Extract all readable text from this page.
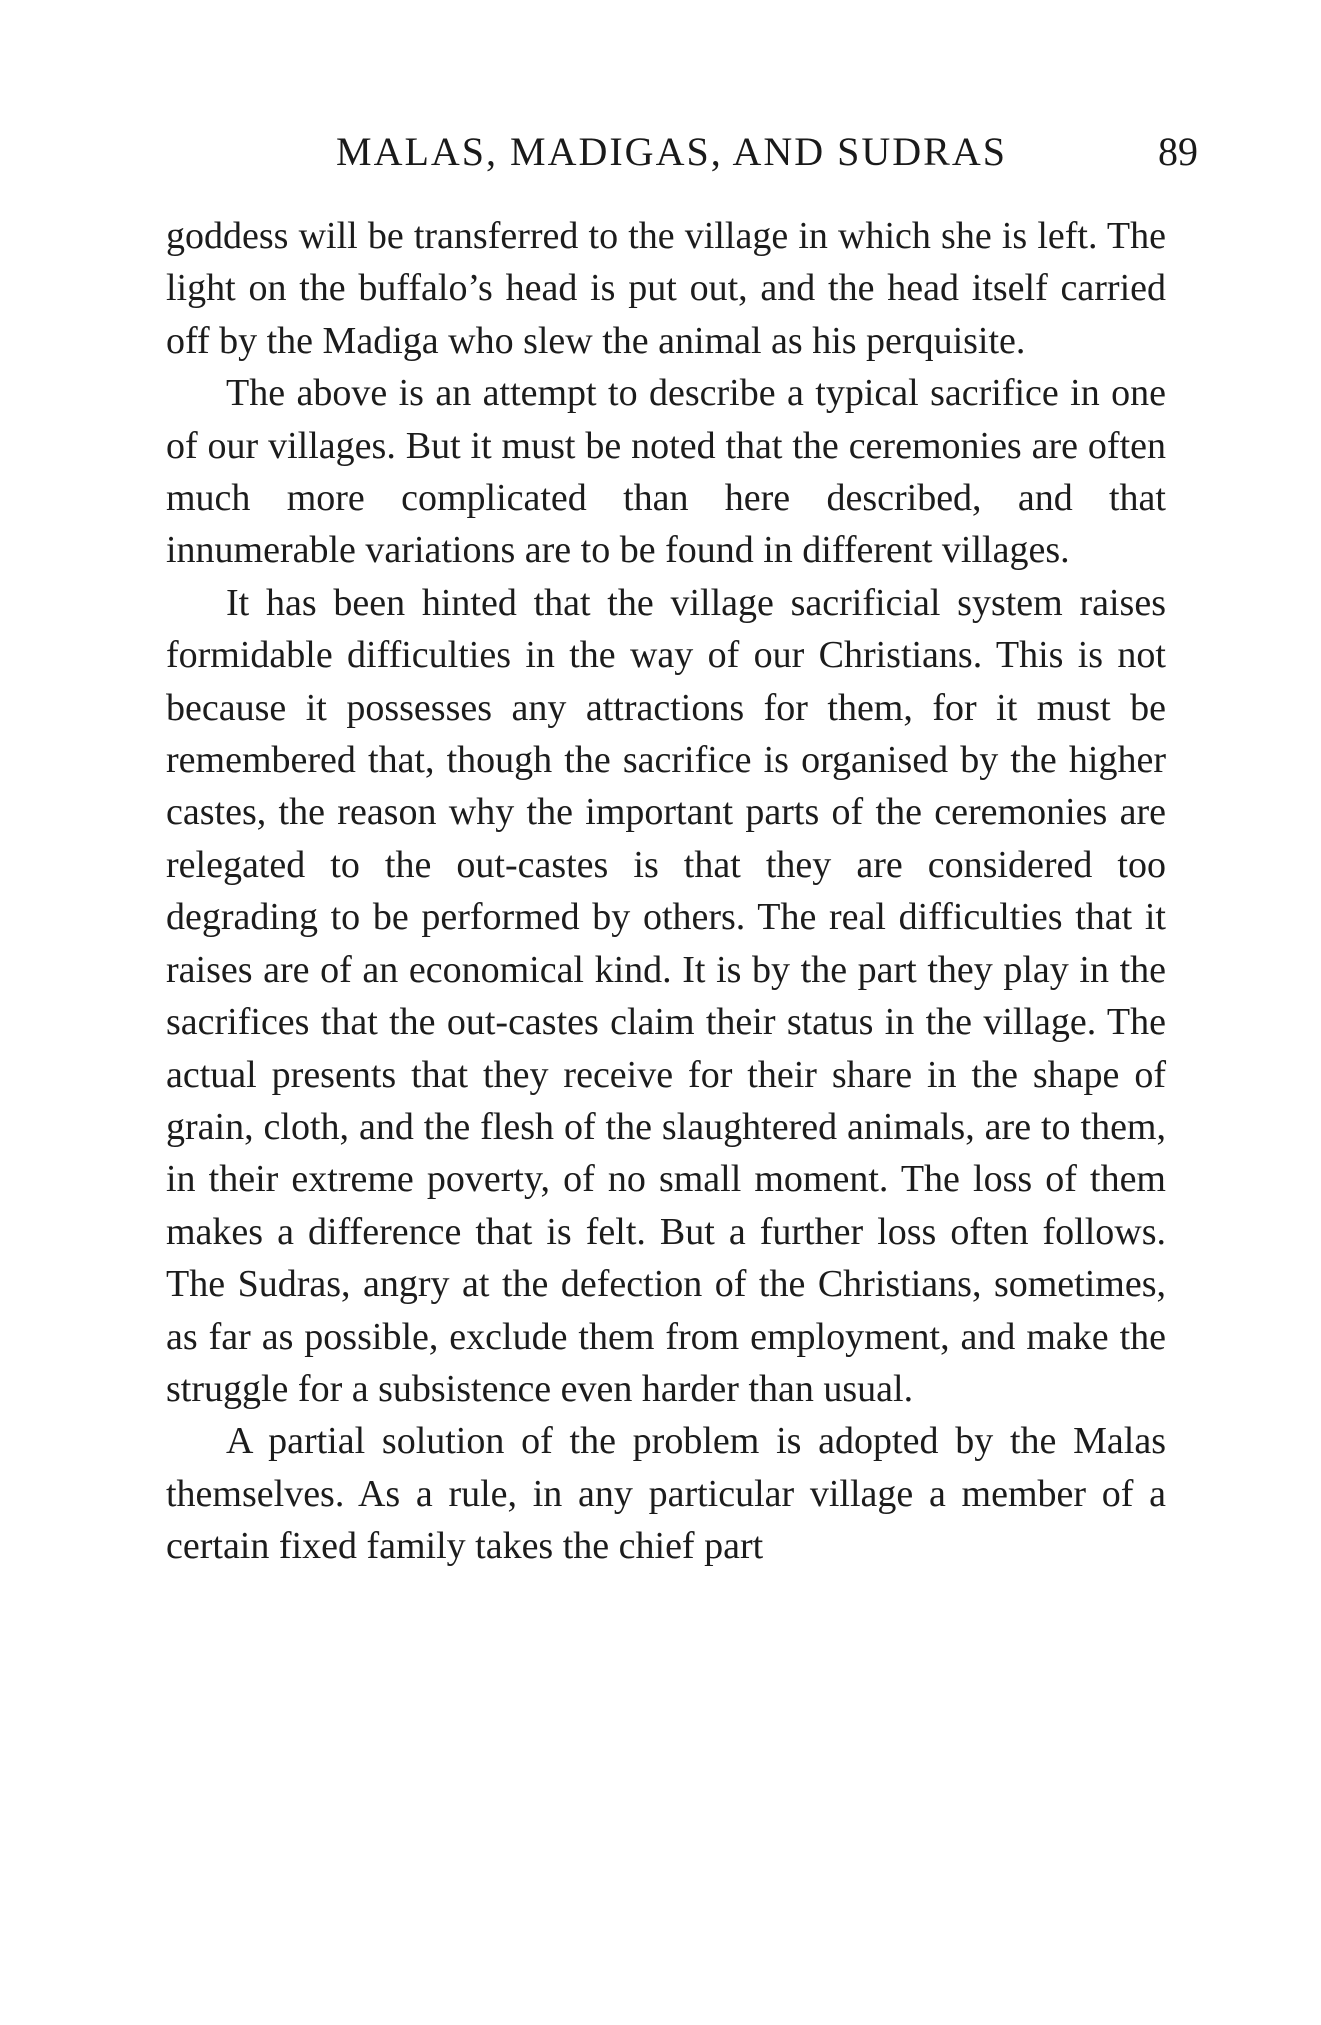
MALAS, MADIGAS, AND SUDRAS	89

goddess will be transferred to the village in which she is left. The light on the buffalo’s head is put out, and the head itself carried off by the Madiga who slew the animal as his perquisite.

The above is an attempt to describe a typical sacrifice in one of our villages. But it must be noted that the ceremonies are often much more complicated than here described, and that innumerable variations are to be found in different villages.

It has been hinted that the village sacrificial system raises formidable difficulties in the way of our Christians. This is not because it possesses any attractions for them, for it must be remembered that, though the sacrifice is organised by the higher castes, the reason why the important parts of the ceremonies are relegated to the out-castes is that they are considered too degrading to be performed by others. The real difficulties that it raises are of an economical kind. It is by the part they play in the sacrifices that the out-castes claim their status in the village. The actual presents that they receive for their share in the shape of grain, cloth, and the flesh of the slaughtered animals, are to them, in their extreme poverty, of no small moment. The loss of them makes a difference that is felt. But a further loss often follows. The Sudras, angry at the defection of the Christians, sometimes, as far as possible, exclude them from employment, and make the struggle for a subsistence even harder than usual.

A partial solution of the problem is adopted by the Malas themselves. As a rule, in any particular village a member of a certain fixed family takes the chief part
